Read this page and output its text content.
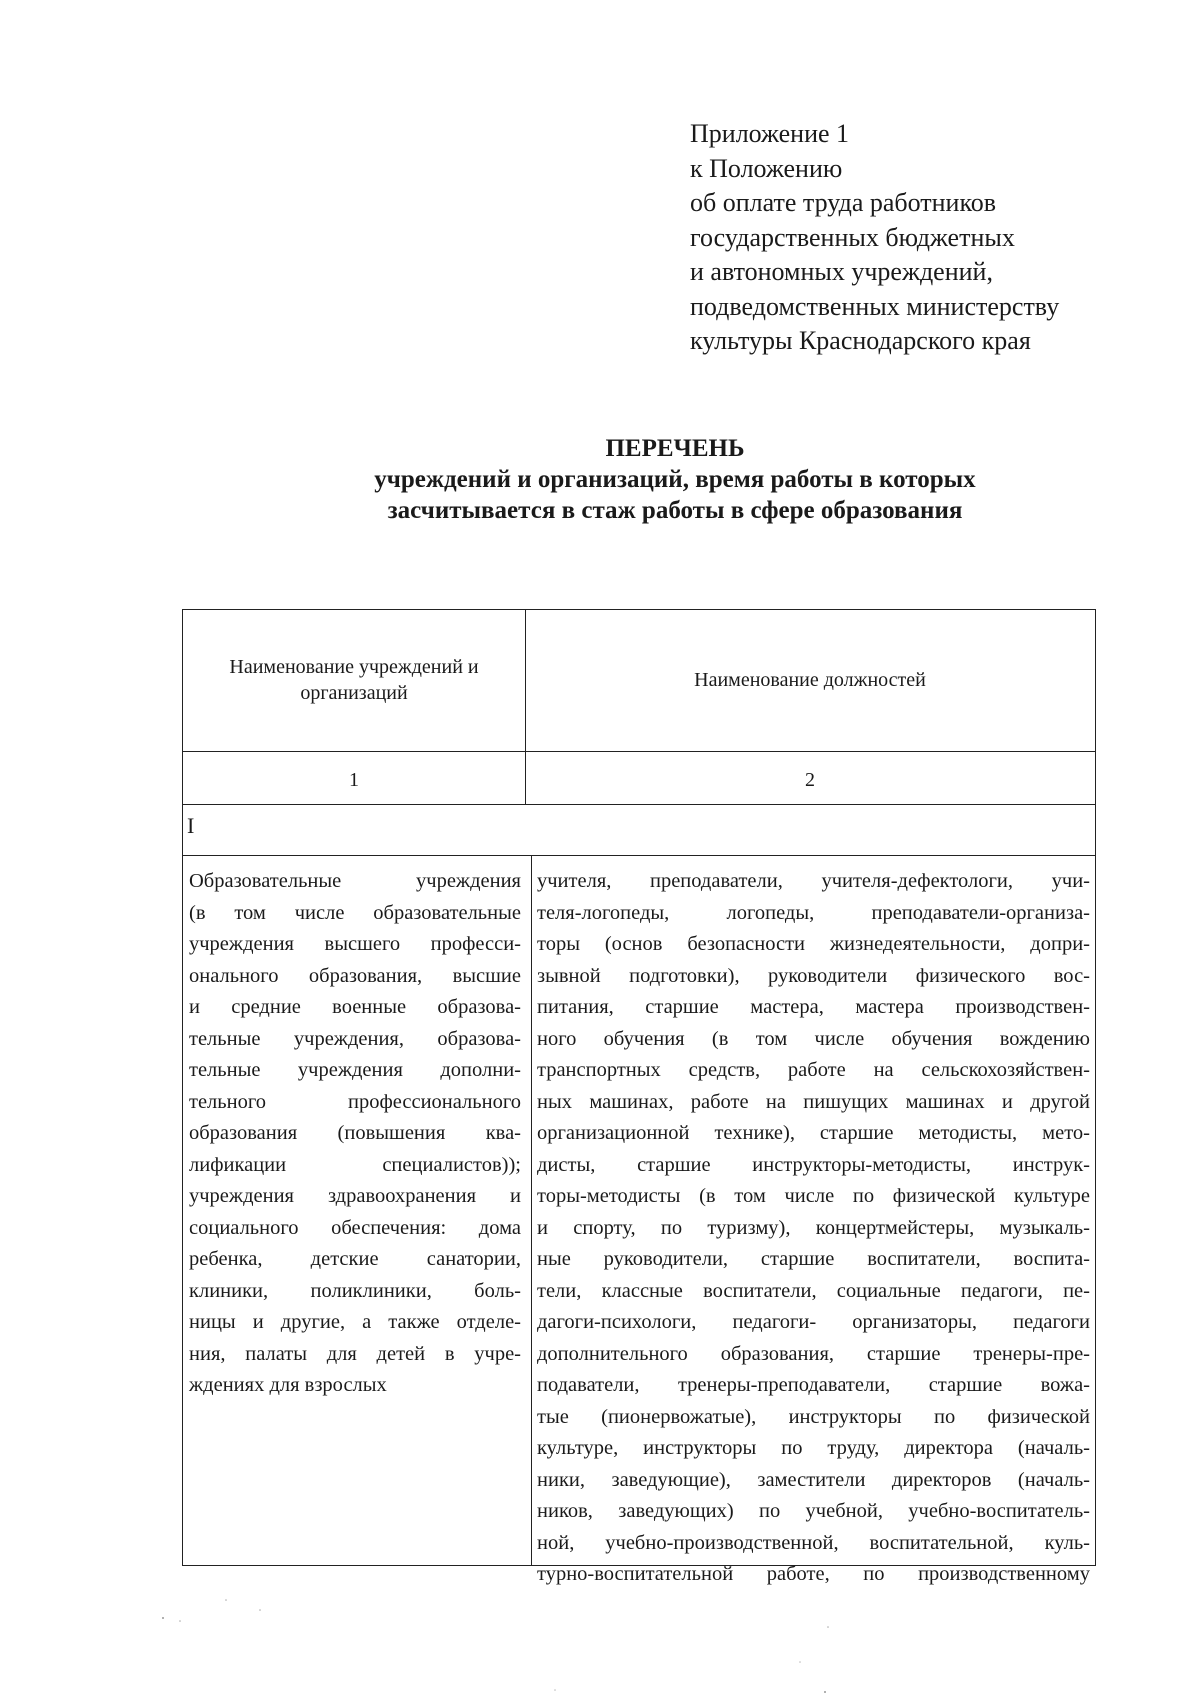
Приложение 1
к Положению
об оплате труда работников
государственных бюджетных
и автономных учреждений,
подведомственных министерству
культуры Краснодарского края
ПЕРЕЧЕНЬ
учреждений и организаций, время работы в которых
засчитывается в стаж работы в сфере образования
Наименование учреждений и организаций
Наименование должностей
1	2
I
Образовательные учреждения
(в том числе образовательные
учреждения высшего професси-
онального образования, высшие
и средние военные образова-
тельные учреждения, образова-
тельные учреждения дополни-
тельного профессионального
образования (повышения ква-
лификации специалистов));
учреждения здравоохранения и
социального обеспечения: дома
ребенка, детские санатории,
клиники, поликлиники, боль-
ницы и другие, а также отделе-
ния, палаты для детей в учре-
ждениях для взрослых
учителя, преподаватели, учителя-дефектологи, учи-
теля-логопеды, логопеды, преподаватели-организа-
торы (основ безопасности жизнедеятельности, допри-
зывной подготовки), руководители физического вос-
питания, старшие мастера, мастера производствен-
ного обучения (в том числе обучения вождению
транспортных средств, работе на сельскохозяйствен-
ных машинах, работе на пишущих машинах и другой
организационной технике), старшие методисты, мето-
дисты, старшие инструкторы-методисты, инструк-
торы-методисты (в том числе по физической культуре
и спорту, по туризму), концертмейстеры, музыкаль-
ные руководители, старшие воспитатели, воспита-
тели, классные воспитатели, социальные педагоги, пе-
дагоги-психологи, педагоги- организаторы, педагоги
дополнительного образования, старшие тренеры-пре-
подаватели, тренеры-преподаватели, старшие вожа-
тые (пионервожатые), инструкторы по физической
культуре, инструкторы по труду, директора (началь-
ники, заведующие), заместители директоров (началь-
ников, заведующих) по учебной, учебно-воспитатель-
ной, учебно-производственной, воспитательной, куль-
турно-воспитательной работе, по производственному
